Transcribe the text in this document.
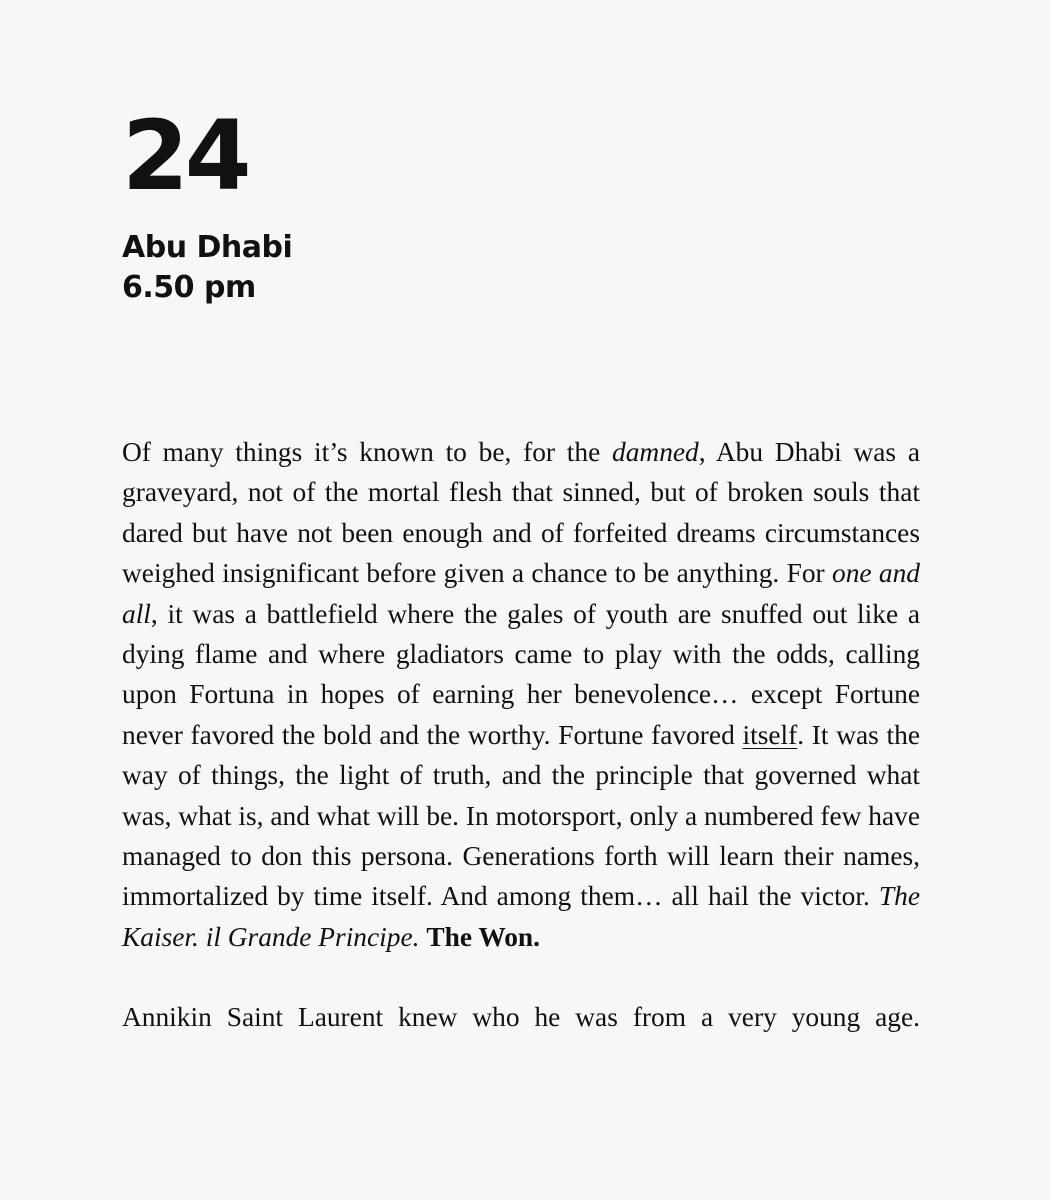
24
Abu Dhabi
6.50 pm

Of many things it’s known to be, for the damned, Abu Dhabi was a graveyard, not of the mortal flesh that sinned, but of broken souls that dared but have not been enough and of forfeited dreams circumstances weighed insignificant before given a chance to be anything. For one and all, it was a battlefield where the gales of youth are snuffed out like a dying flame and where gladiators came to play with the odds, calling upon Fortuna in hopes of earning her benevolence… except Fortune never favored the bold and the worthy. Fortune favored itself. It was the way of things, the light of truth, and the principle that governed what was, what is, and what will be. In motorsport, only a numbered few have managed to don this persona. Generations forth will learn their names, immortalized by time itself. And among them… all hail the victor. The Kaiser. il Grande Principe. The Won.

Annikin Saint Laurent knew who he was from a very young age.
